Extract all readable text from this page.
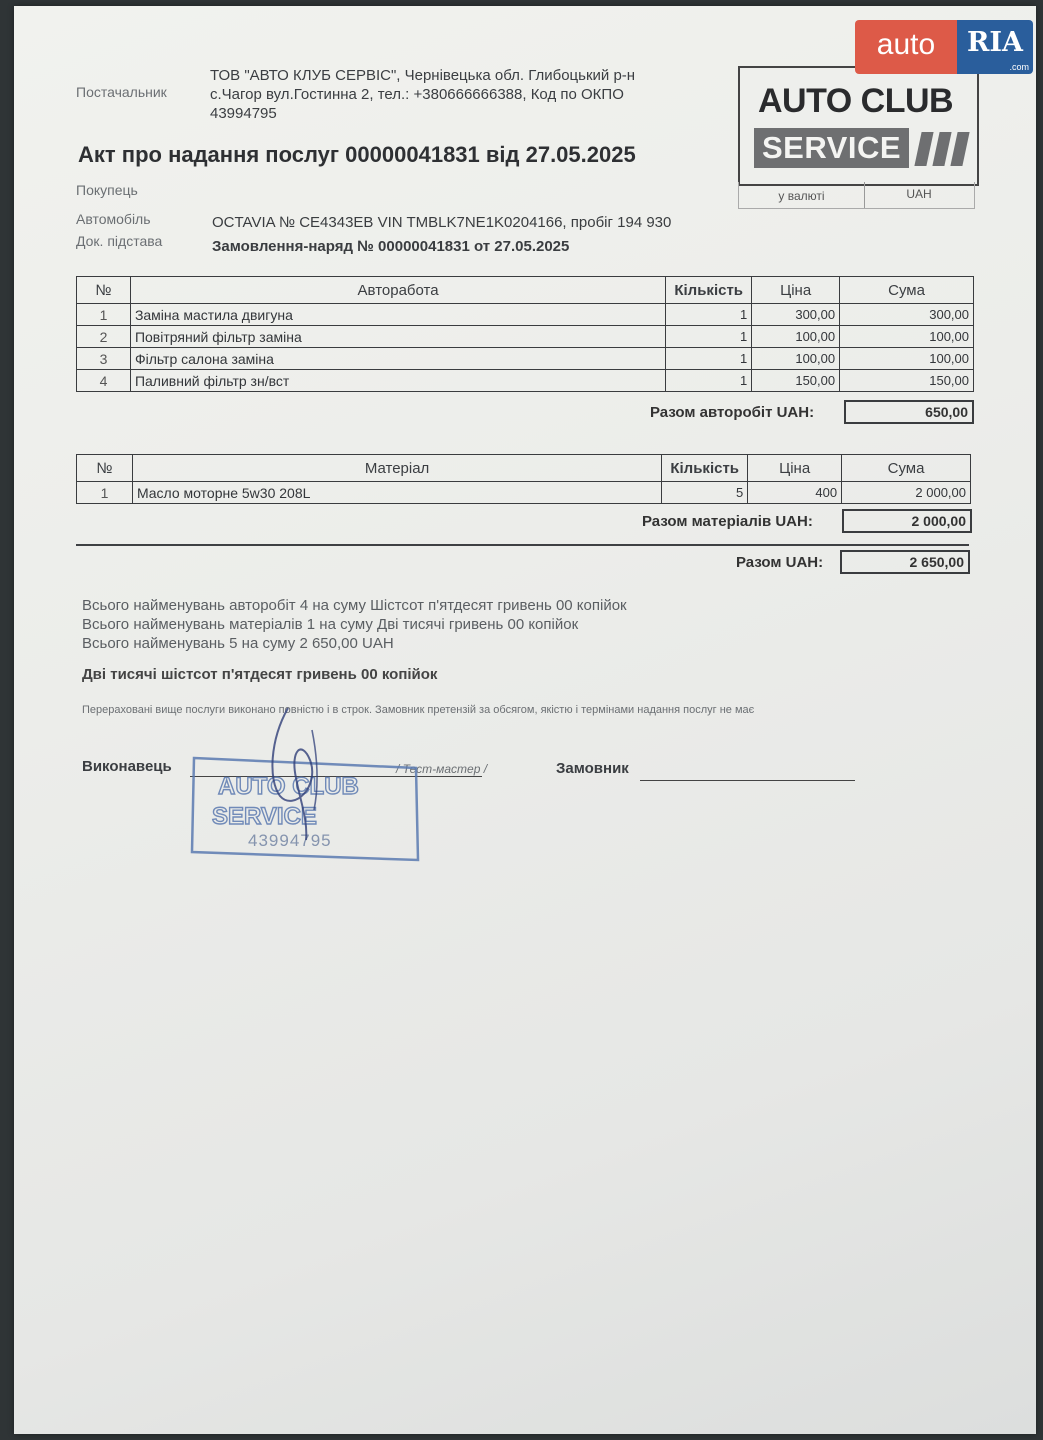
Постачальник
ТОВ "АВТО КЛУБ СЕРВІС", Чернівецька обл. Глибоцький р-н
с.Чагор вул.Гостинна 2, тел.: +380666666388, Код по ОКПО
43994795	AUTO CLUB
SERVICE
у валюті	UAH
Акт про надання послуг 00000041831 від 27.05.2025
Покупець
Автомобіль	OCTAVIA № CE4343EB VIN TMBLK7NE1K0204166, пробіг 194 930
Док. підстава	Замовлення-наряд № 00000041831 от 27.05.2025
№	Авторабота	Кількість	Ціна	Сума
1	Заміна мастила двигуна	1	300,00	300,00
2	Повітряний фільтр заміна	1	100,00	100,00
3	Фільтр салона заміна	1	100,00	100,00
4	Паливний фільтр зн/вст	1	150,00	150,00
Разом авторобіт UAH:	650,00
№	Матеріал	Кількість	Ціна	Сума
1	Масло моторне 5w30 208L	5	400	2 000,00
Разом матеріалів UAH:	2 000,00
Разом UAH:	2 650,00
Всього найменувань авторобіт 4 на суму Шістсот п'ятдесят гривень 00 копійок
Всього найменувань матеріалів 1 на суму Дві тисячі гривень 00 копійок
Всього найменувань 5 на суму 2 650,00 UAH
Дві тисячі шістсот п'ятдесят гривень 00 копійок
Перераховані вище послуги виконано повністю і в строк. Замовник претензій за обсягом, якістю і термінами надання послуг не має
Виконавець	/ Тест-мастер /	Замовник
AUTO CLUB
SERVICE
43994795
auto	RIA
.com
